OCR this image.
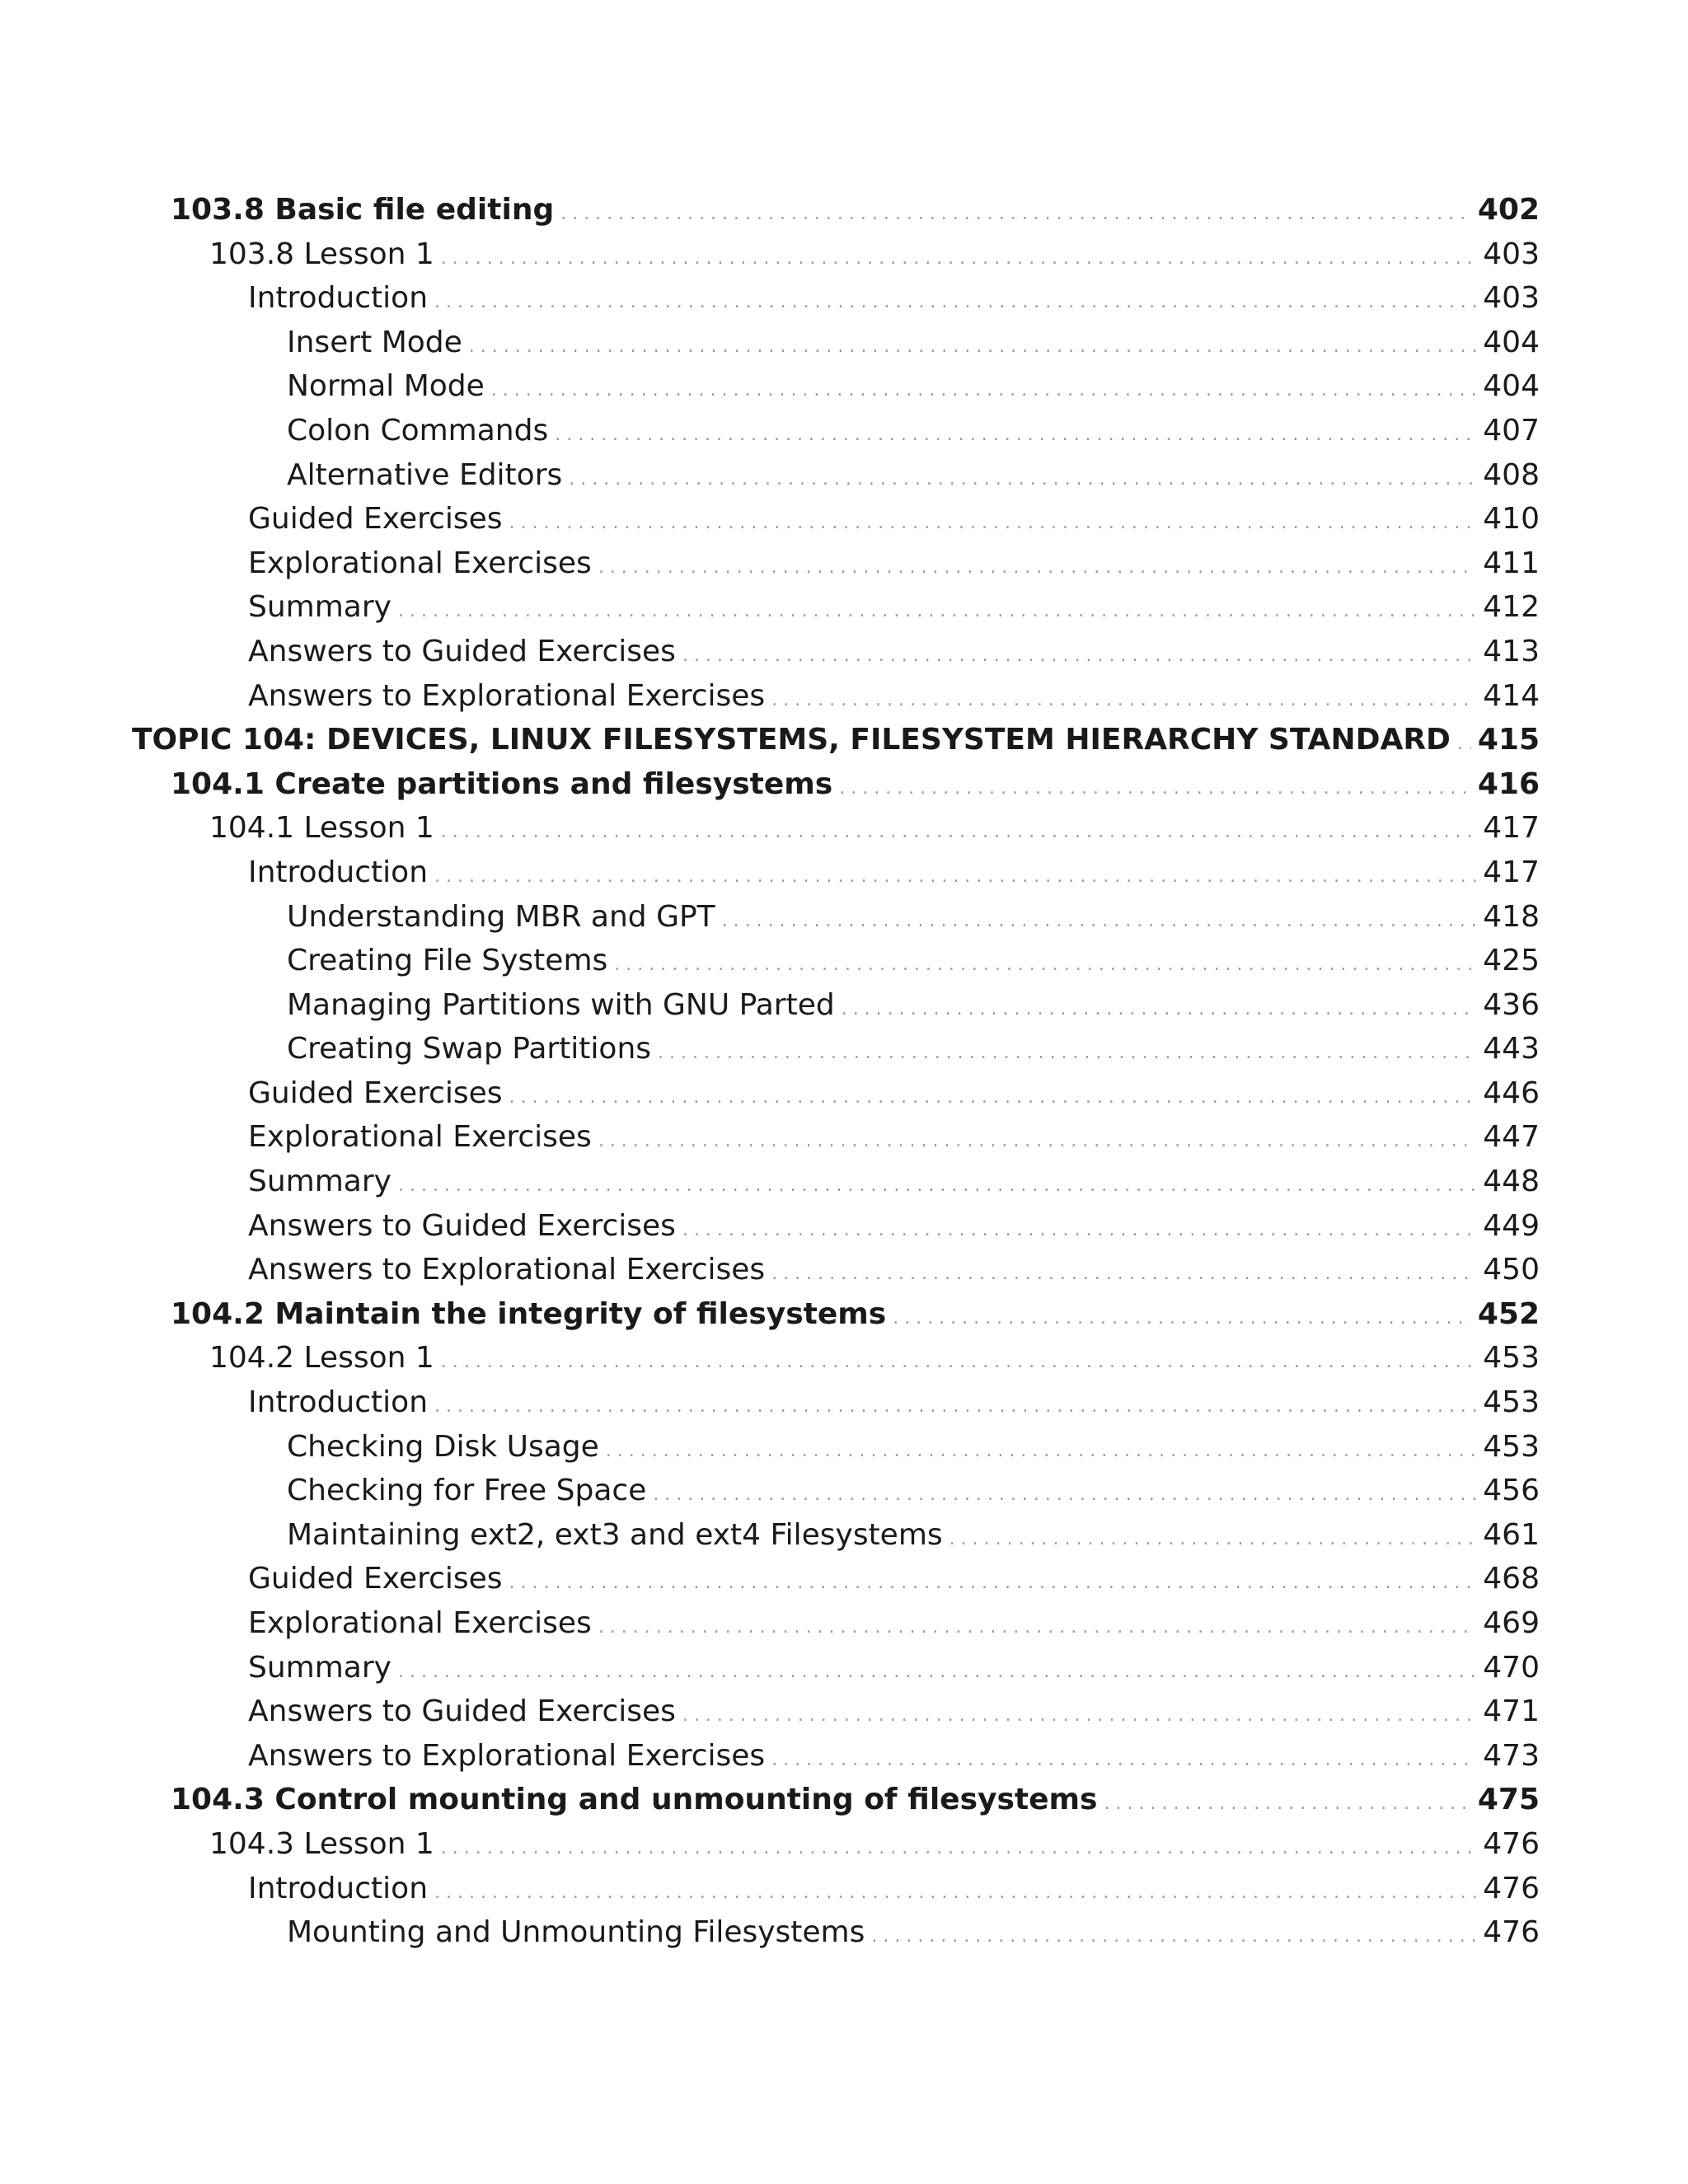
103.8 Basic file editing . . .	402
103.8 Lesson 1 . . .	403
Introduction . . .	403
Insert Mode . . .	404
Normal Mode . . .	404
Colon Commands . . .	407
Alternative Editors . . .	408
Guided Exercises . . .	410
Explorational Exercises . . .	411
Summary . . .	412
Answers to Guided Exercises . . .	413
Answers to Explorational Exercises . . .	414
TOPIC 104: DEVICES, LINUX FILESYSTEMS, FILESYSTEM HIERARCHY STANDARD . . . 415
104.1 Create partitions and filesystems . . .	416
104.1 Lesson 1 . . .	417
Introduction . . .	417
Understanding MBR and GPT . . .	418
Creating File Systems . . .	425
Managing Partitions with GNU Parted . . .	436
Creating Swap Partitions . . .	443
Guided Exercises . . .	446
Explorational Exercises . . .	447
Summary . . .	448
Answers to Guided Exercises . . .	449
Answers to Explorational Exercises . . .	450
104.2 Maintain the integrity of filesystems . . .	452
104.2 Lesson 1 . . .	453
Introduction . . .	453
Checking Disk Usage . . .	453
Checking for Free Space . . .	456
Maintaining ext2, ext3 and ext4 Filesystems . . .	461
Guided Exercises . . .	468
Explorational Exercises . . .	469
Summary . . .	470
Answers to Guided Exercises . . .	471
Answers to Explorational Exercises . . .	473
104.3 Control mounting and unmounting of filesystems . . .	475
104.3 Lesson 1 . . .	476
Introduction . . .	476
Mounting and Unmounting Filesystems . . .	476
